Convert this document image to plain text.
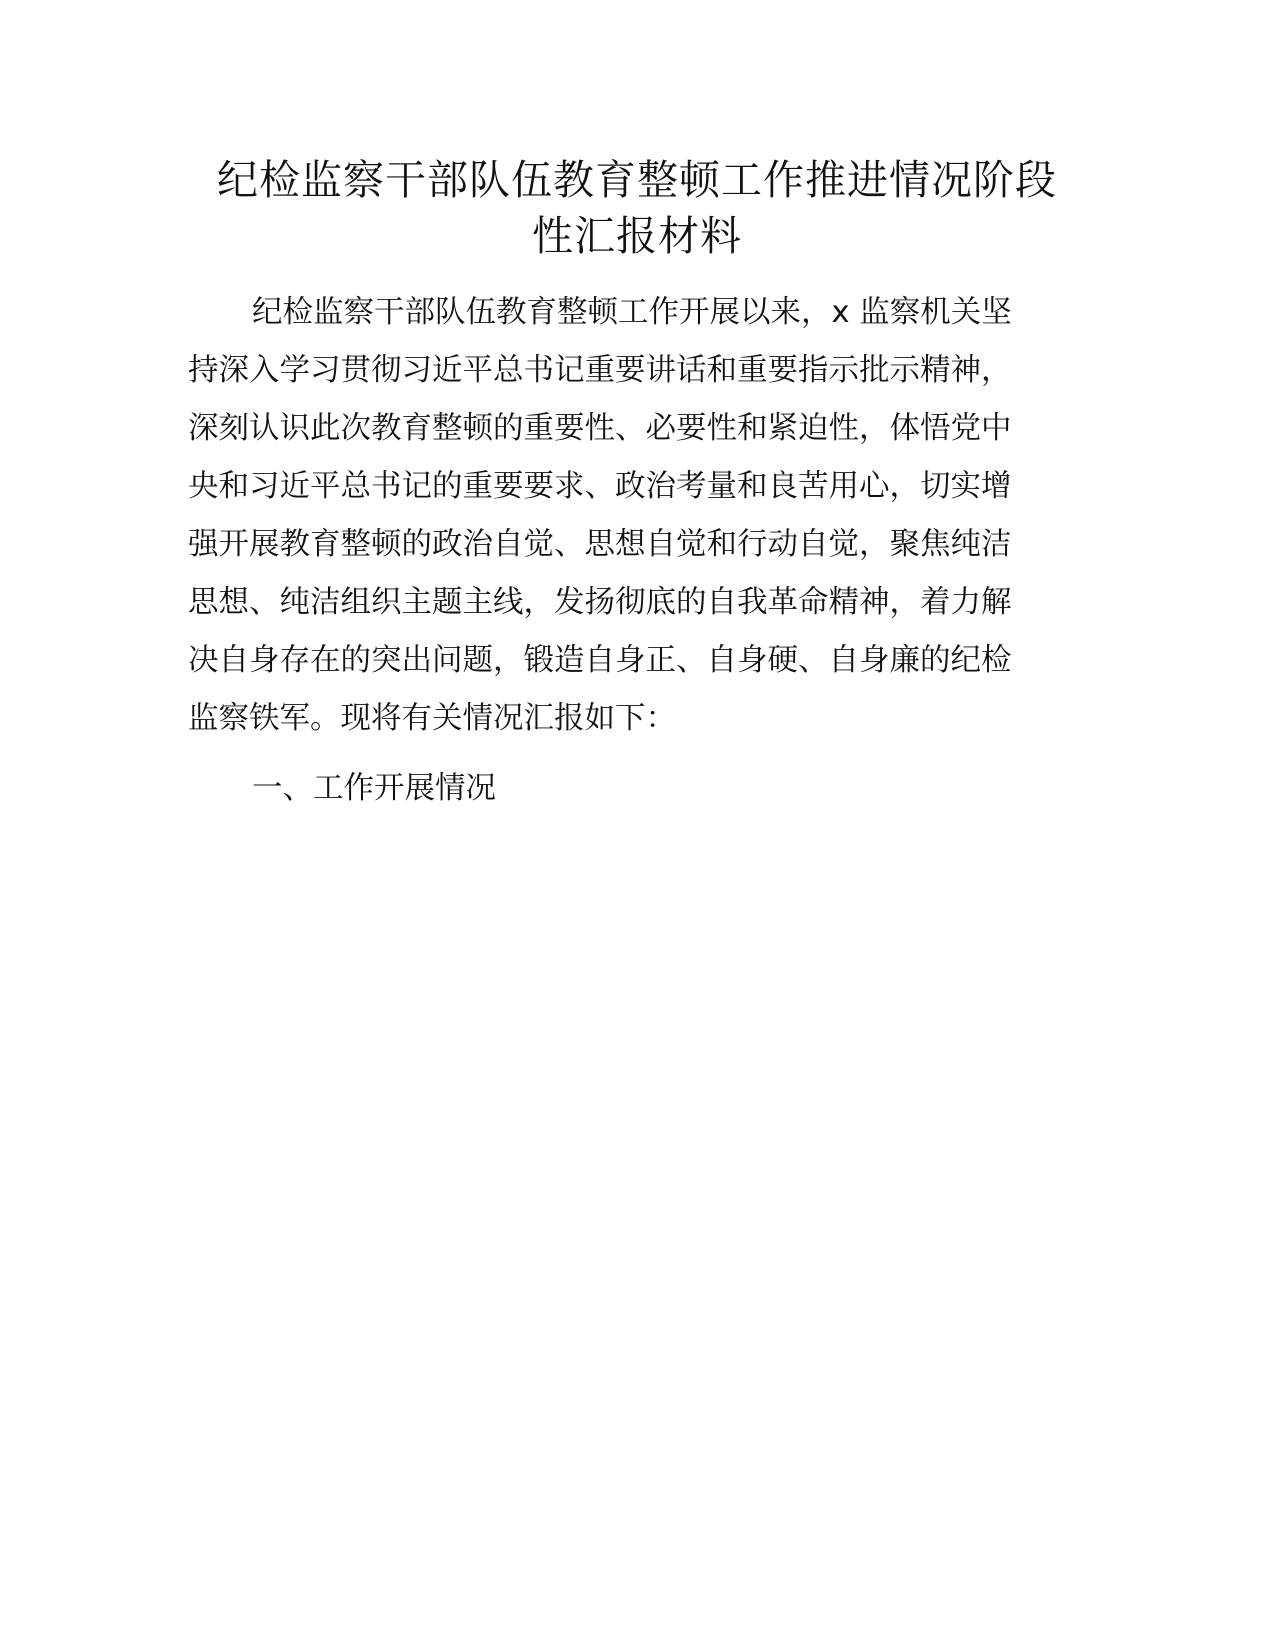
纪检监察干部队伍教育整顿工作推进情况阶段
性汇报材料
纪检监察干部队伍教育整顿工作开展以来，x 监察机关坚
持深入学习贯彻习近平总书记重要讲话和重要指示批示精神，
深刻认识此次教育整顿的重要性、必要性和紧迫性，体悟党中
央和习近平总书记的重要要求、政治考量和良苦用心，切实增
强开展教育整顿的政治自觉、思想自觉和行动自觉，聚焦纯洁
思想、纯洁组织主题主线，发扬彻底的自我革命精神，着力解
决自身存在的突出问题，锻造自身正、自身硬、自身廉的纪检
监察铁军。现将有关情况汇报如下：
一、工作开展情况
